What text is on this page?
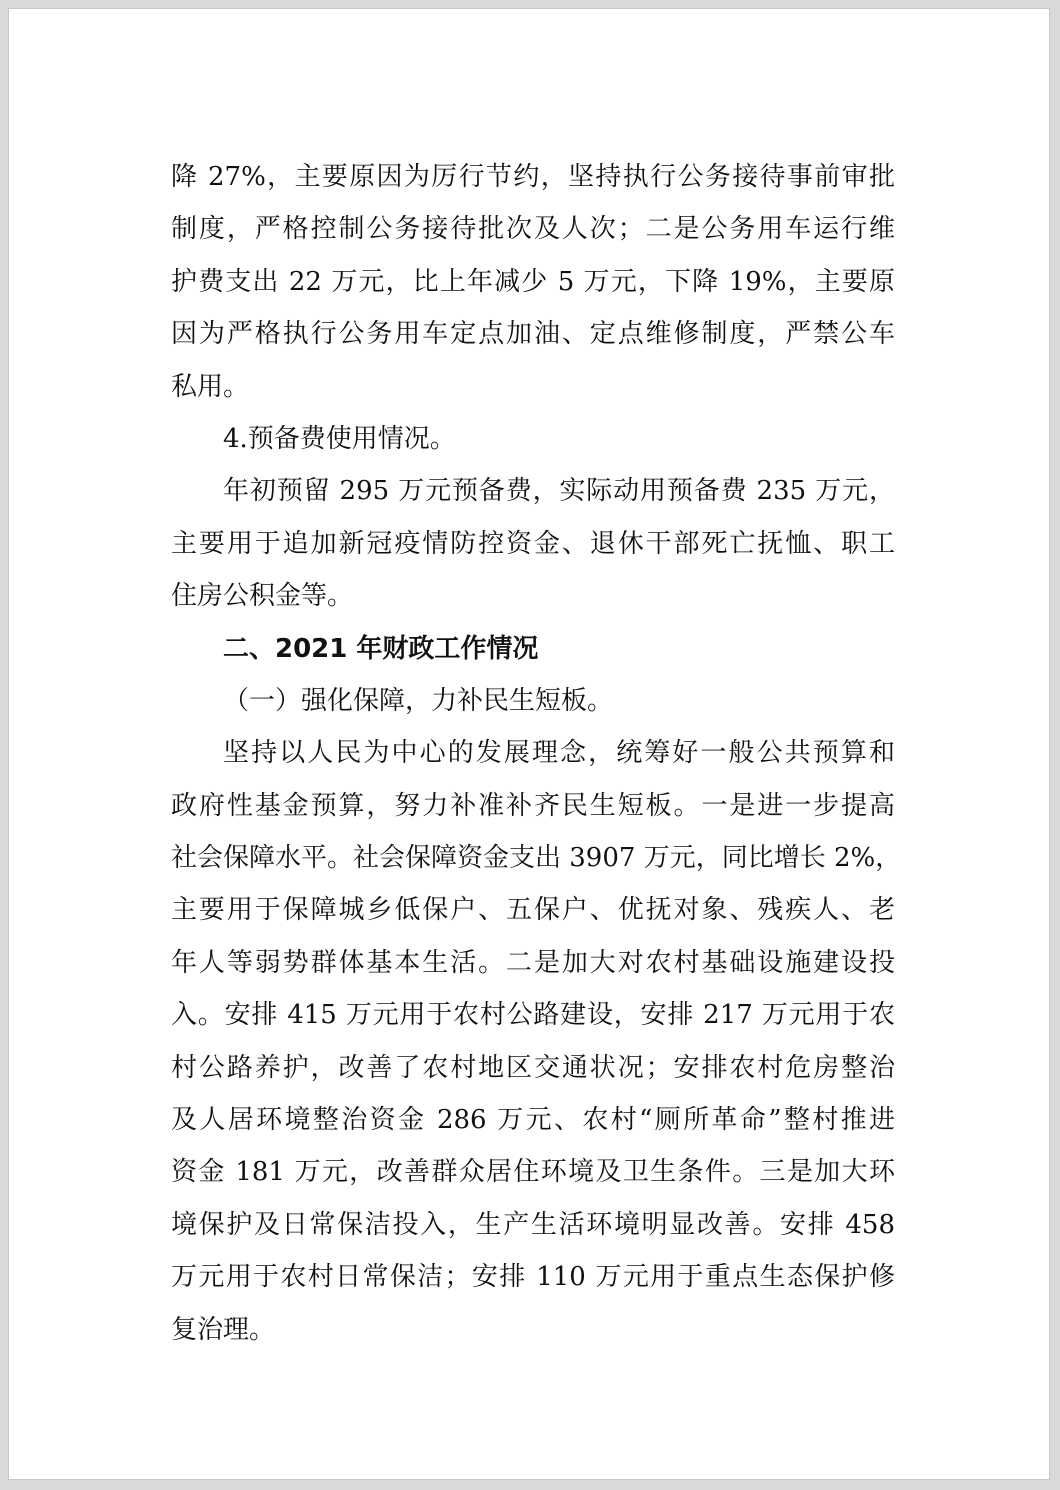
降 27%，主要原因为厉行节约，坚持执行公务接待事前审批
制度，严格控制公务接待批次及人次；二是公务用车运行维
护费支出 22 万元，比上年减少 5 万元，下降 19%，主要原
因为严格执行公务用车定点加油、定点维修制度，严禁公车
私用。
4.预备费使用情况。
年初预留 295 万元预备费，实际动用预备费 235 万元，
主要用于追加新冠疫情防控资金、退休干部死亡抚恤、职工
住房公积金等。
二、2021 年财政工作情况
（一）强化保障，力补民生短板。
坚持以人民为中心的发展理念，统筹好一般公共预算和
政府性基金预算，努力补准补齐民生短板。一是进一步提高
社会保障水平。社会保障资金支出 3907 万元，同比增长 2%，
主要用于保障城乡低保户、五保户、优抚对象、残疾人、老
年人等弱势群体基本生活。二是加大对农村基础设施建设投
入。安排 415 万元用于农村公路建设，安排 217 万元用于农
村公路养护，改善了农村地区交通状况；安排农村危房整治
及人居环境整治资金 286 万元、农村“厕所革命”整村推进
资金 181 万元，改善群众居住环境及卫生条件。三是加大环
境保护及日常保洁投入，生产生活环境明显改善。安排 458
万元用于农村日常保洁；安排 110 万元用于重点生态保护修
复治理。
